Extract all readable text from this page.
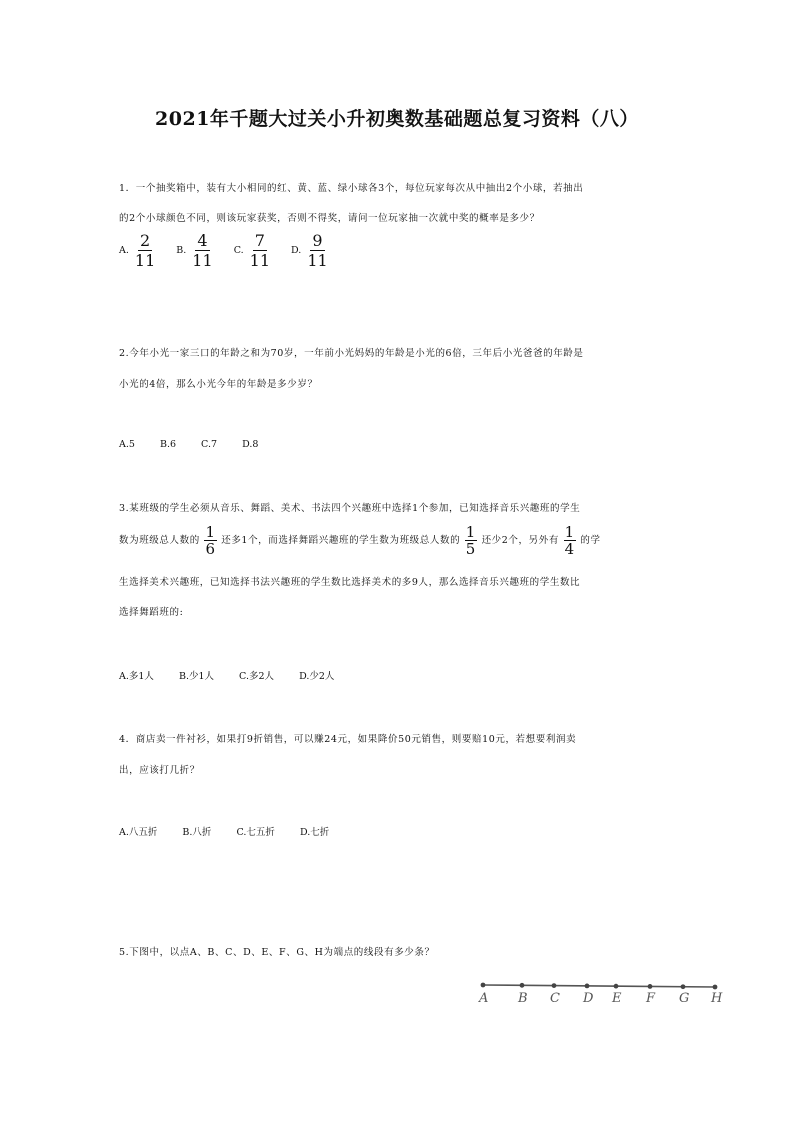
2021年千题大过关小升初奥数基础题总复习资料（八）
1．一个抽奖箱中，装有大小相同的红、黄、蓝、绿小球各3个，每位玩家每次从中抽出2个小球，若抽出
的2个小球颜色不同，则该玩家获奖，否则不得奖，请问一位玩家抽一次就中奖的概率是多少？
A. $\frac{2}{11}$
B. $\frac{4}{11}$
C. $\frac{7}{11}$
D. $\frac{9}{11}$
2.今年小光一家三口的年龄之和为70岁，一年前小光妈妈的年龄是小光的6倍，三年后小光爸爸的年龄是
小光的4倍，那么小光今年的年龄是多少岁？
A.5	B.6	C.7	D.8
3.某班级的学生必须从音乐、舞蹈、美术、书法四个兴趣班中选择1个参加，已知选择音乐兴趣班的学生
数为班级总人数的 $\frac{1}{6}$ 还多1个，而选择舞蹈兴趣班的学生数为班级总人数的 $\frac{1}{5}$ 还少2个，另外有 $\frac{1}{4}$ 的学
生选择美术兴趣班，已知选择书法兴趣班的学生数比选择美术的多9人，那么选择音乐兴趣班的学生数比
选择舞蹈班的:
A.多1人	B.少1人	C.多2人	D.少2人
4．商店卖一件衬衫，如果打9折销售，可以赚24元，如果降价50元销售，则要赔10元，若想要利润卖
出，应该打几折？
A.八五折	B.八折	C.七五折	D.七折
5.下图中，以点A、B、C、D、E、F、G、H为端点的线段有多少条？
A B C D E F G H
